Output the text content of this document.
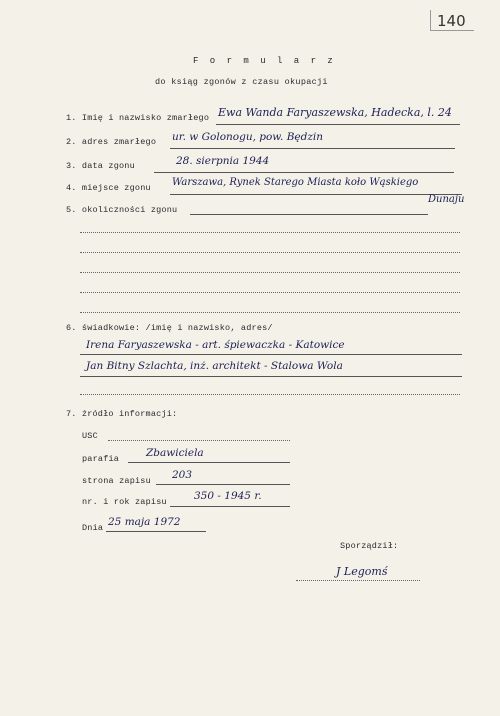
140
F o r m u l a r z
do ksiąg zgonów z czasu okupacji
1. Imię i nazwisko zmarłego Ewa Wanda Faryaszewska, Hadecka, l. 24
2. adres zmarłego ur. w Golonogu, pow. Będzin
3. data zgonu	28. sierpnia 1944
4. miejsce zgonu Warszawa, Rynek Starego Miasta koło Wąskiego
Dunaju
5. okoliczności zgonu
6. świadkowie: /imię i nazwisko, adres/
Irena Faryaszewska - art. śpiewaczka - Katowice
Jan Bitny Szlachta, inż. architekt - Stalowa Wola
7. źródło informacji:
USC
parafia	Zbawiciela
strona zapisu 203
nr. i rok zapisu	350 - 1945 r.
Dnia 25 maja 1972
Sporządził:
J Legomś
